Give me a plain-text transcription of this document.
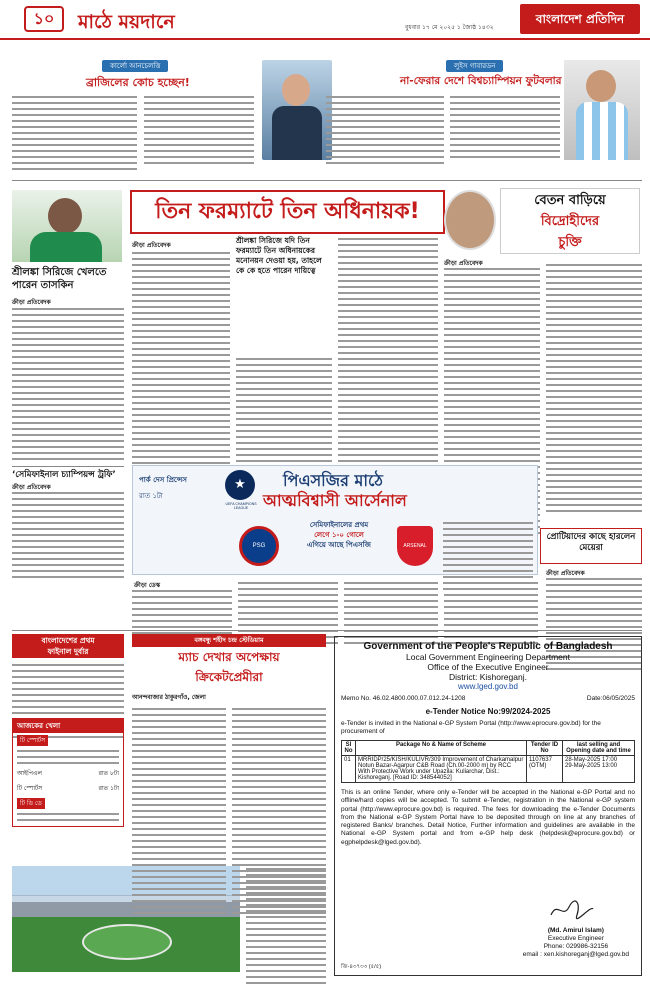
১০	মাঠে ময়দানে	বুধবার ১৭ মে ২০২৫ ১ জ্যৈষ্ঠ ১৪৩২
বাংলাদেশ প্রতিদিন
কার্লো আনচেলত্তি
ব্রাজিলের কোচ হচ্ছেন!
লুইস গাবারডন
না-ফেরার দেশে বিশ্বচ্যাম্পিয়ন ফুটবলার
তিন ফরম্যাটে তিন অধিনায়ক!
শ্রীলঙ্কা সিরিজে খেলতে পারেন তাসকিন
ক্রীড়া প্রতিবেদক
‘সেমিফাইনাল চ্যাম্পিয়ন্স ট্রফি’
ক্রীড়া প্রতিবেদক
ক্রীড়া প্রতিবেদক
শ্রীলঙ্কা সিরিজে যদি তিন ফরম্যাটে তিন অধিনায়কের মনোনয়ন দেওয়া হয়, তাহলে কে কে হতে পারেন দায়িত্বে
বেতন বাড়িয়ে
বিদ্রোহীদের
চুক্তি
ক্রীড়া প্রতিবেদক
প্রোটিয়াদের কাছে হারলেন মেয়েরা
ক্রীড়া প্রতিবেদক
পার্ক দেস প্রিন্সেস
রাত ১টা
★
UEFA CHAMPIONS LEAGUE
পিএসজির মাঠে
আত্মবিশ্বাসী আর্সেনাল
PSG
সেমিফাইনালের প্রথম
লেগে ১-০ গোলে
এগিয়ে আছে পিএসজি	ARSENAL
ক্রীড়া ডেস্ক
বাংলাদেশের প্রথম
ফাইনাল দুর্বার
আজকের খেলা
টি স্পোর্টস
আইপিএল	রাত ৮টা
টি স্পোর্টস	রাত ১টা
টি ডি ডে
বঙ্গবন্ধু শহীদ চন্দ্র স্টেডিয়াম
ম্যাচ দেখার অপেক্ষায়
ক্রিকেটপ্রেমীরা
আনন্দবাজার ঠাকুরগাঁও, জেলা
Government of the People's Republic of Bangladesh
Local Government Engineering Department
Office of the Executive Engineer
District: Kishoreganj.
www.lged.gov.bd
Memo No. 46.02.4800.000.07.012.24-1208	Date:06/05/2025
e-Tender Notice No:99/2024-2025
e-Tender is invited in the National e-GP System Portal (http://www.eprocure.gov.bd) for the procurement of
Sl No	Package No & Name of Scheme	Tender ID No	last selling and Opening date and time
01	MRRIDP/25/KISH/KULIVR/309 Improvement of Charkamalpur Notun Bazar-Agarpur C&B Road (Ch.00-2000 m) by RCC With Protective Work under Upazila: Kuliarchar, Dist.: Kishoreganj. [Road ID: 348544052]	1107637 (OTM)	28-May-2025 17:00
29-May-2025 13:00
This is an online Tender, where only e-Tender will be accepted in the National e-GP Portal and no offline/hard copies will be accepted. To submit e-Tender, registration in the National e-GP system portal (http://www.eprocure.gov.bd) is required. The fees for downloading the e-Tender Documents from the National e-GP System Portal have to be deposited through on line at any branches of registered Banks/ branches. Detail Notice, Further information and guidelines are available in the National e-GP System portal and from e-GP help desk (helpdesk@eprocure.gov.bd) or egphelpdesk@lged.gov.bd).
(Md. Amirul Islam)
Executive Engineer
Phone: 029986-32156
email : xen.kishoreganj@lged.gov.bd
জি-৪৩৭৩৩ (৫/৫)
